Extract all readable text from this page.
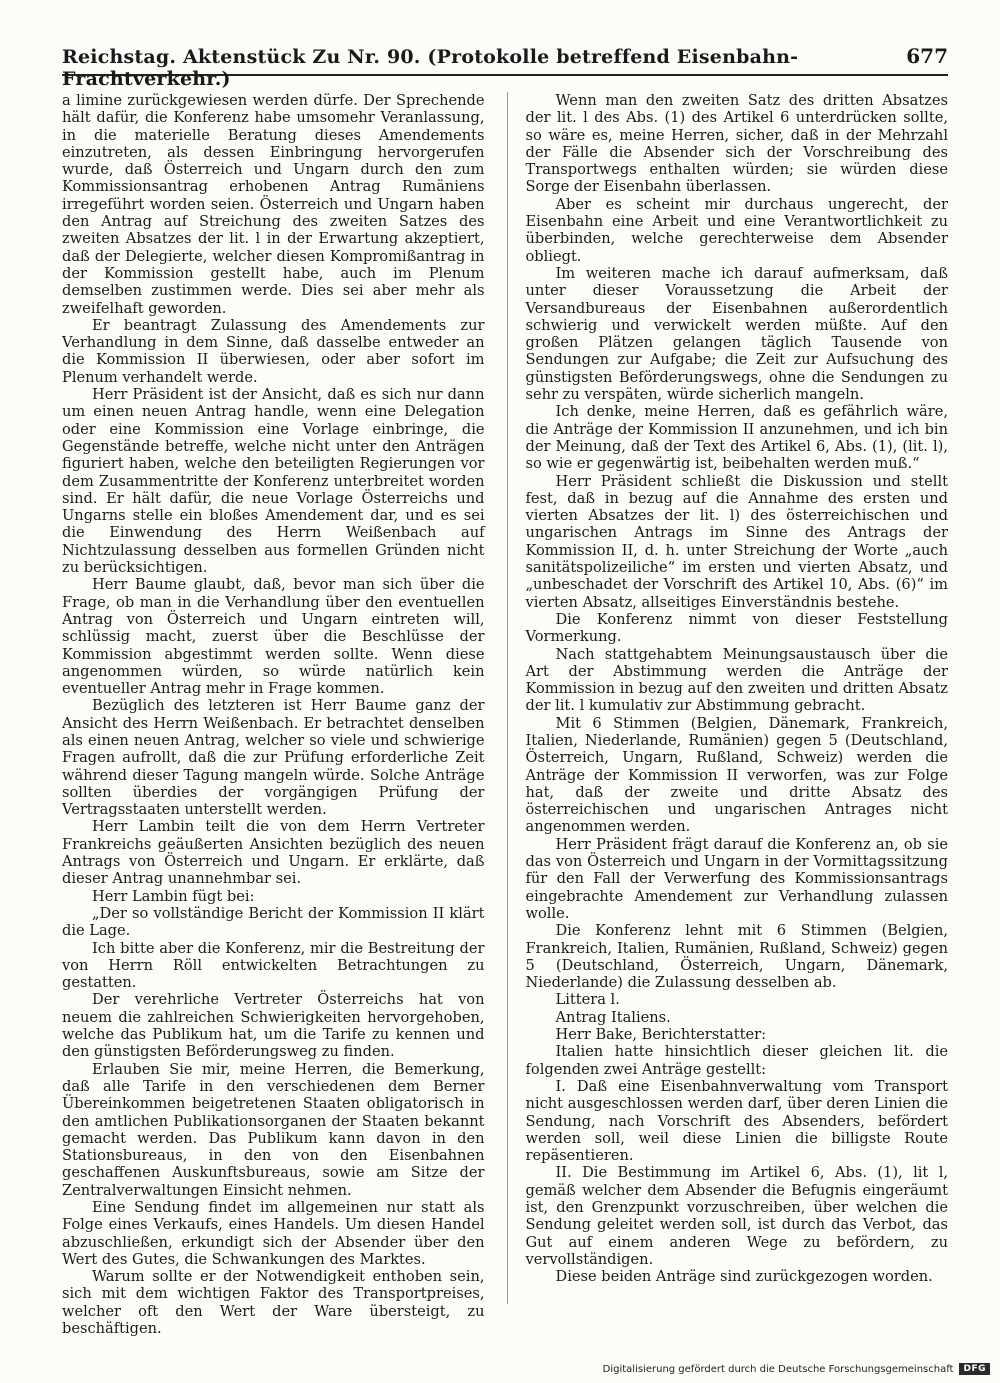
Reichstag. Aktenstück Zu Nr. 90. (Protokolle betreffend Eisenbahn-Frachtverkehr.)
677

a limine zurückgewiesen werden dürfe. Der Sprechende hält dafür, die Konferenz habe umsomehr Veranlassung, in die materielle Beratung dieses Amendements einzutreten, als dessen Einbringung hervorgerufen wurde, daß Österreich und Ungarn durch den zum Kommissionsantrag erhobenen Antrag Rumäniens irregeführt worden seien. Österreich und Ungarn haben den Antrag auf Streichung des zweiten Satzes des zweiten Absatzes der lit. l in der Erwartung akzeptiert, daß der Delegierte, welcher diesen Kompromißantrag in der Kommission gestellt habe, auch im Plenum demselben zustimmen werde. Dies sei aber mehr als zweifelhaft geworden.

Er beantragt Zulassung des Amendements zur Verhandlung in dem Sinne, daß dasselbe entweder an die Kommission II überwiesen, oder aber sofort im Plenum verhandelt werde.

Herr Präsident ist der Ansicht, daß es sich nur dann um einen neuen Antrag handle, wenn eine Delegation oder eine Kommission eine Vorlage einbringe, die Gegenstände betreffe, welche nicht unter den Anträgen figuriert haben, welche den beteiligten Regierungen vor dem Zusammentritte der Konferenz unterbreitet worden sind. Er hält dafür, die neue Vorlage Österreichs und Ungarns stelle ein bloßes Amendement dar, und es sei die Einwendung des Herrn Weißenbach auf Nichtzulassung desselben aus formellen Gründen nicht zu berücksichtigen.

Herr Baume glaubt, daß, bevor man sich über die Frage, ob man in die Verhandlung über den eventuellen Antrag von Österreich und Ungarn eintreten will, schlüssig macht, zuerst über die Beschlüsse der Kommission abgestimmt werden sollte. Wenn diese angenommen würden, so würde natürlich kein eventueller Antrag mehr in Frage kommen.

Bezüglich des letzteren ist Herr Baume ganz der Ansicht des Herrn Weißenbach. Er betrachtet denselben als einen neuen Antrag, welcher so viele und schwierige Fragen aufrollt, daß die zur Prüfung erforderliche Zeit während dieser Tagung mangeln würde. Solche Anträge sollten überdies der vorgängigen Prüfung der Vertragsstaaten unterstellt werden.

Herr Lambin teilt die von dem Herrn Vertreter Frankreichs geäußerten Ansichten bezüglich des neuen Antrags von Österreich und Ungarn. Er erklärte, daß dieser Antrag unannehmbar sei.

Herr Lambin fügt bei:

„Der so vollständige Bericht der Kommission II klärt die Lage.

Ich bitte aber die Konferenz, mir die Bestreitung der von Herrn Röll entwickelten Betrachtungen zu gestatten.

Der verehrliche Vertreter Österreichs hat von neuem die zahlreichen Schwierigkeiten hervorgehoben, welche das Publikum hat, um die Tarife zu kennen und den günstigsten Beförderungsweg zu finden.

Erlauben Sie mir, meine Herren, die Bemerkung, daß alle Tarife in den verschiedenen dem Berner Übereinkommen beigetretenen Staaten obligatorisch in den amtlichen Publikationsorganen der Staaten bekannt gemacht werden. Das Publikum kann davon in den Stationsbureaus, in den von den Eisenbahnen geschaffenen Auskunftsbureaus, sowie am Sitze der Zentralverwaltungen Einsicht nehmen.

Eine Sendung findet im allgemeinen nur statt als Folge eines Verkaufs, eines Handels. Um diesen Handel abzuschließen, erkundigt sich der Absender über den Wert des Gutes, die Schwankungen des Marktes.

Warum sollte er der Notwendigkeit enthoben sein, sich mit dem wichtigen Faktor des Transportpreises, welcher oft den Wert der Ware übersteigt, zu beschäftigen.

Wenn man den zweiten Satz des dritten Absatzes der lit. l des Abs. (1) des Artikel 6 unterdrücken sollte, so wäre es, meine Herren, sicher, daß in der Mehrzahl der Fälle die Absender sich der Vorschreibung des Transportwegs enthalten würden; sie würden diese Sorge der Eisenbahn überlassen.

Aber es scheint mir durchaus ungerecht, der Eisenbahn eine Arbeit und eine Verantwortlichkeit zu überbinden, welche gerechterweise dem Absender obliegt.

Im weiteren mache ich darauf aufmerksam, daß unter dieser Voraussetzung die Arbeit der Versandbureaus der Eisenbahnen außerordentlich schwierig und verwickelt werden müßte. Auf den großen Plätzen gelangen täglich Tausende von Sendungen zur Aufgabe; die Zeit zur Aufsuchung des günstigsten Beförderungswegs, ohne die Sendungen zu sehr zu verspäten, würde sicherlich mangeln.

Ich denke, meine Herren, daß es gefährlich wäre, die Anträge der Kommission II anzunehmen, und ich bin der Meinung, daß der Text des Artikel 6, Abs. (1), (lit. l), so wie er gegenwärtig ist, beibehalten werden muß.“

Herr Präsident schließt die Diskussion und stellt fest, daß in bezug auf die Annahme des ersten und vierten Absatzes der lit. l) des österreichischen und ungarischen Antrags im Sinne des Antrags der Kommission II, d. h. unter Streichung der Worte „auch sanitätspolizeiliche“ im ersten und vierten Absatz, und „unbeschadet der Vorschrift des Artikel 10, Abs. (6)“ im vierten Absatz, allseitiges Einverständnis bestehe.

Die Konferenz nimmt von dieser Feststellung Vormerkung.

Nach stattgehabtem Meinungsaustausch über die Art der Abstimmung werden die Anträge der Kommission in bezug auf den zweiten und dritten Absatz der lit. l kumulativ zur Abstimmung gebracht.

Mit 6 Stimmen (Belgien, Dänemark, Frankreich, Italien, Niederlande, Rumänien) gegen 5 (Deutschland, Österreich, Ungarn, Rußland, Schweiz) werden die Anträge der Kommission II verworfen, was zur Folge hat, daß der zweite und dritte Absatz des österreichischen und ungarischen Antrages nicht angenommen werden.

Herr Präsident frägt darauf die Konferenz an, ob sie das von Österreich und Ungarn in der Vormittagssitzung für den Fall der Verwerfung des Kommissionsantrags eingebrachte Amendement zur Verhandlung zulassen wolle.

Die Konferenz lehnt mit 6 Stimmen (Belgien, Frankreich, Italien, Rumänien, Rußland, Schweiz) gegen 5 (Deutschland, Österreich, Ungarn, Dänemark, Niederlande) die Zulassung desselben ab.

Littera l.

Antrag Italiens.

Herr Bake, Berichterstatter:

Italien hatte hinsichtlich dieser gleichen lit. die folgenden zwei Anträge gestellt:

I. Daß eine Eisenbahnverwaltung vom Transport nicht ausgeschlossen werden darf, über deren Linien die Sendung, nach Vorschrift des Absenders, befördert werden soll, weil diese Linien die billigste Route repäsentieren.

II. Die Bestimmung im Artikel 6, Abs. (1), lit l, gemäß welcher dem Absender die Befugnis eingeräumt ist, den Grenzpunkt vorzuschreiben, über welchen die Sendung geleitet werden soll, ist durch das Verbot, das Gut auf einem anderen Wege zu befördern, zu vervollständigen.

Diese beiden Anträge sind zurückgezogen worden.

Digitalisierung gefördert durch die Deutsche Forschungsgemeinschaft	DFG
